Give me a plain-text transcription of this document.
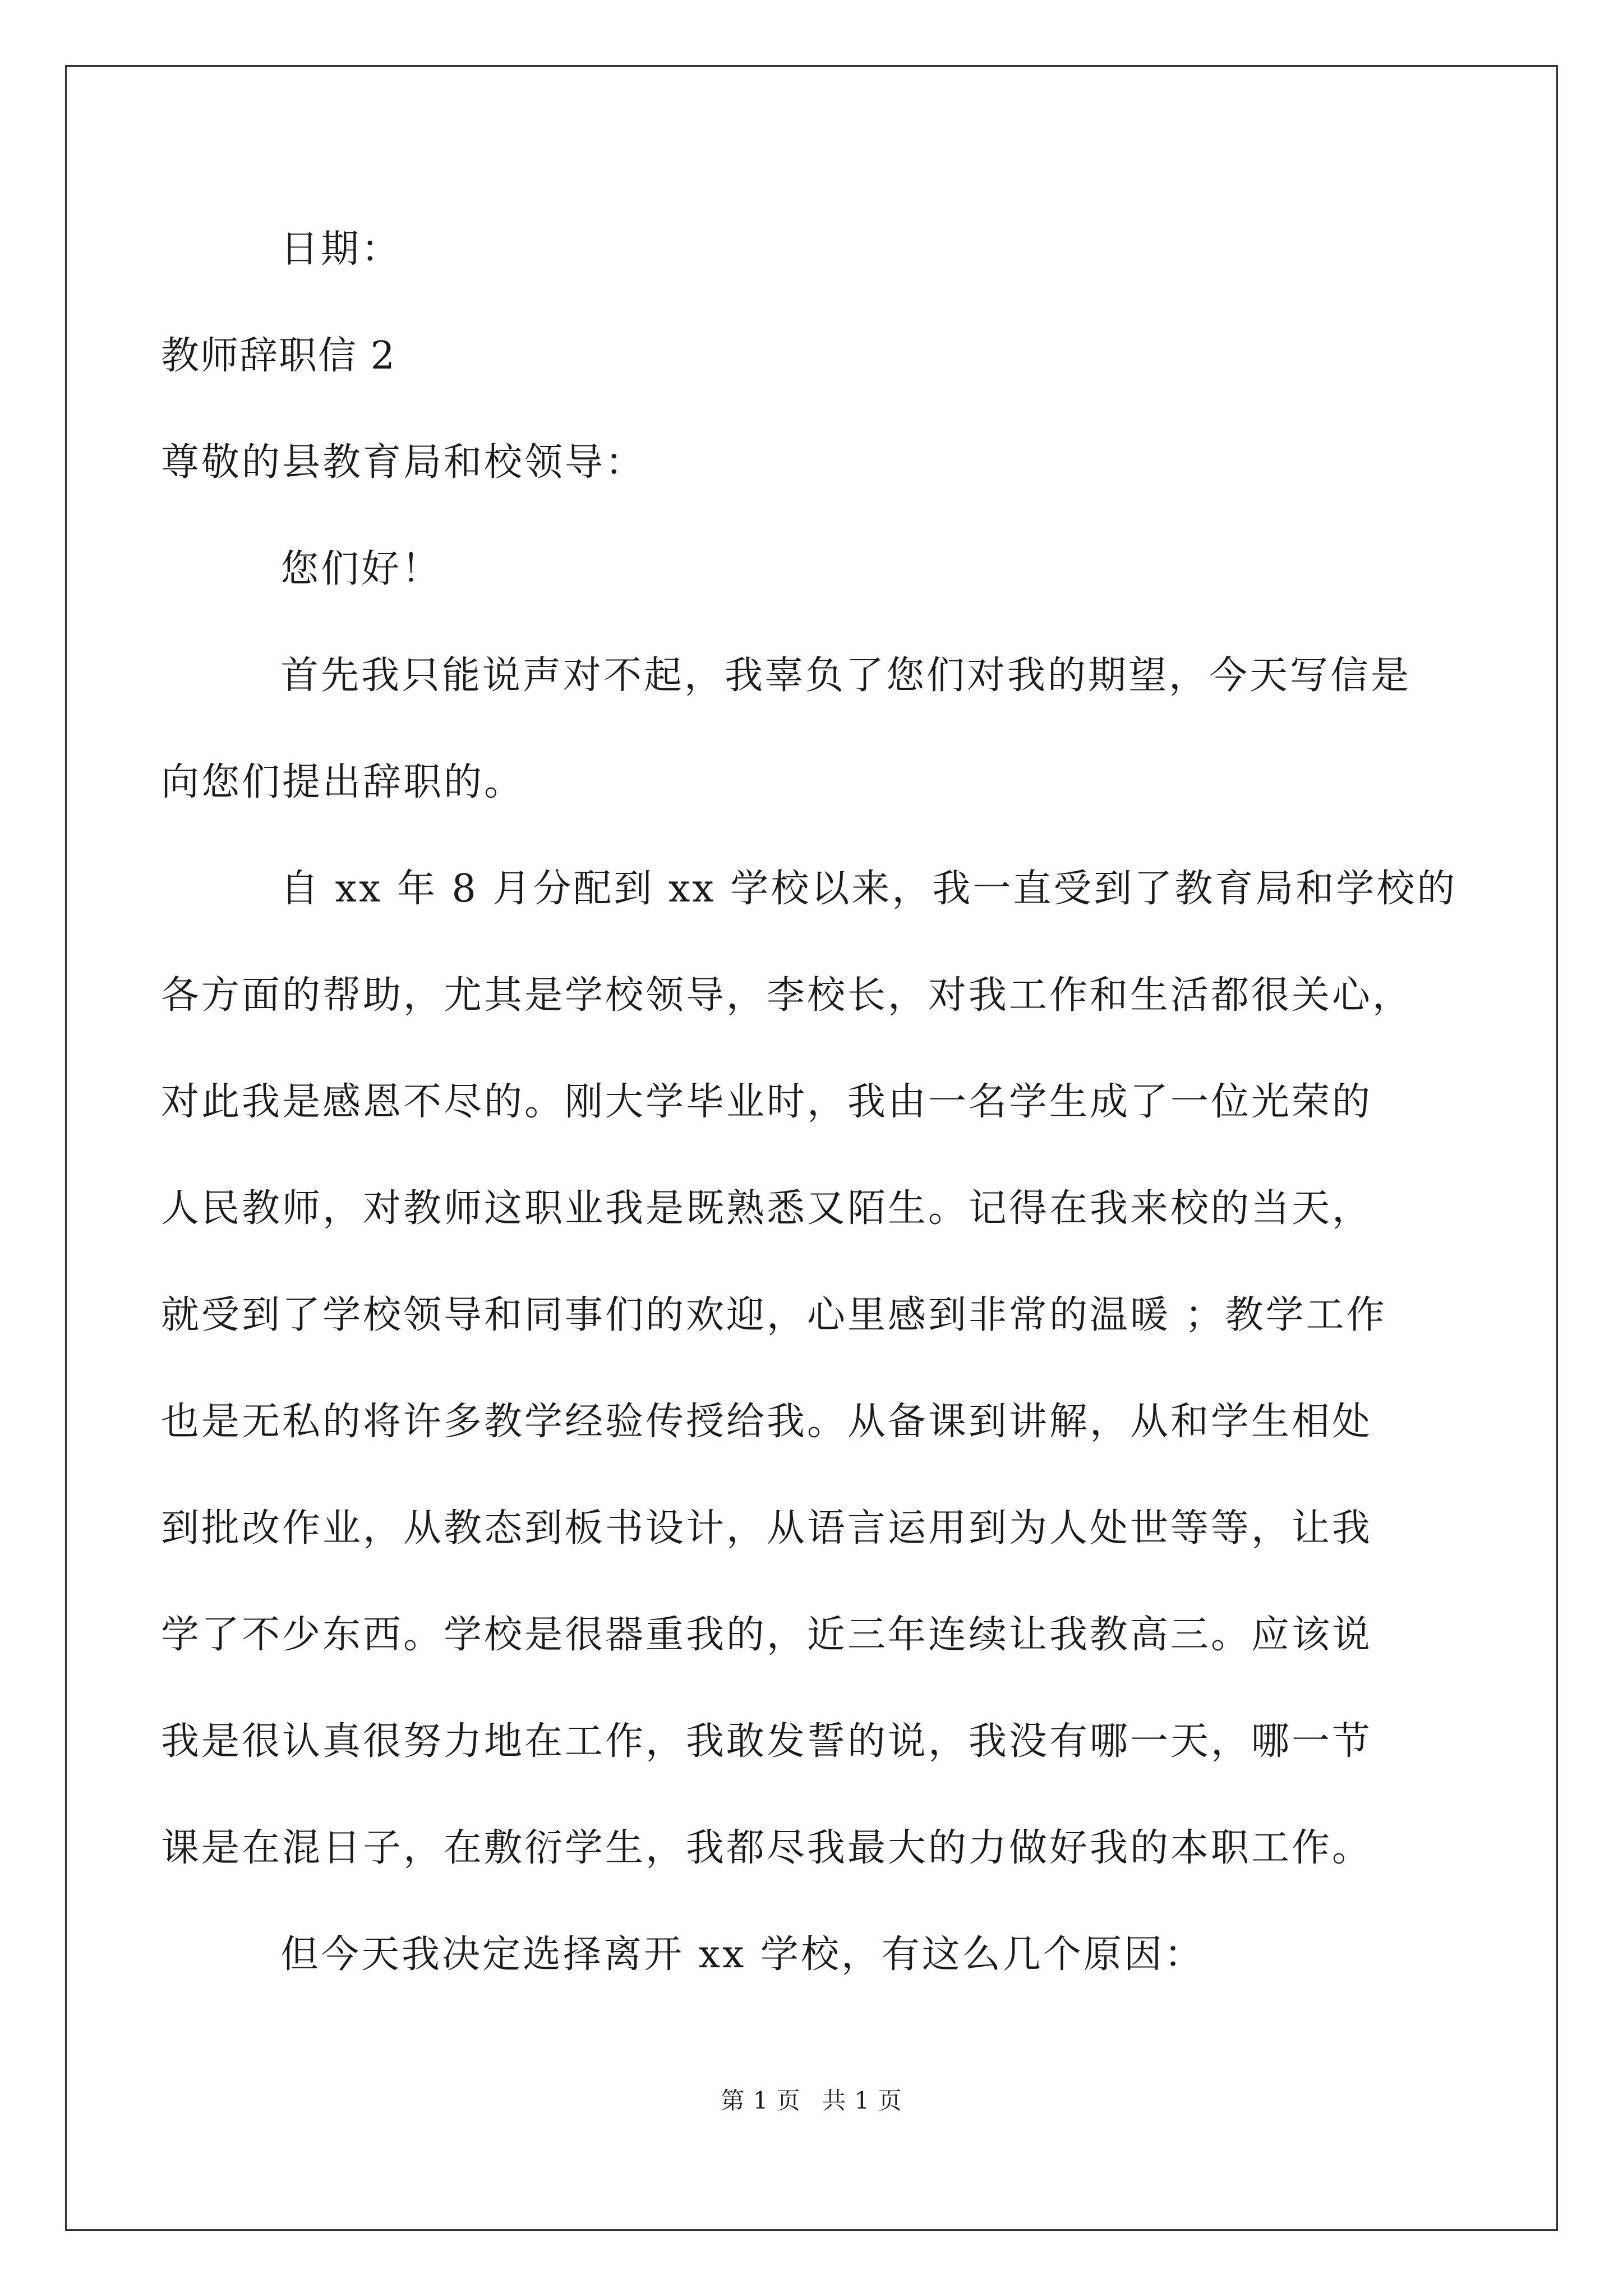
日期：
教师辞职信 2
尊敬的县教育局和校领导：
您们好！
首先我只能说声对不起，我辜负了您们对我的期望，今天写信是
向您们提出辞职的。
自 xx 年 8 月分配到 xx 学校以来，我一直受到了教育局和学校的
各方面的帮助，尤其是学校领导，李校长，对我工作和生活都很关心，
对此我是感恩不尽的。刚大学毕业时，我由一名学生成了一位光荣的
人民教师，对教师这职业我是既熟悉又陌生。记得在我来校的当天，
就受到了学校领导和同事们的欢迎，心里感到非常的温暖 ；教学工作
也是无私的将许多教学经验传授给我。从备课到讲解，从和学生相处
到批改作业，从教态到板书设计，从语言运用到为人处世等等，让我
学了不少东西。学校是很器重我的，近三年连续让我教高三。应该说
我是很认真很努力地在工作，我敢发誓的说，我没有哪一天，哪一节
课是在混日子，在敷衍学生，我都尽我最大的力做好我的本职工作。
但今天我决定选择离开 xx 学校，有这么几个原因：
第 1 页 共 1 页
